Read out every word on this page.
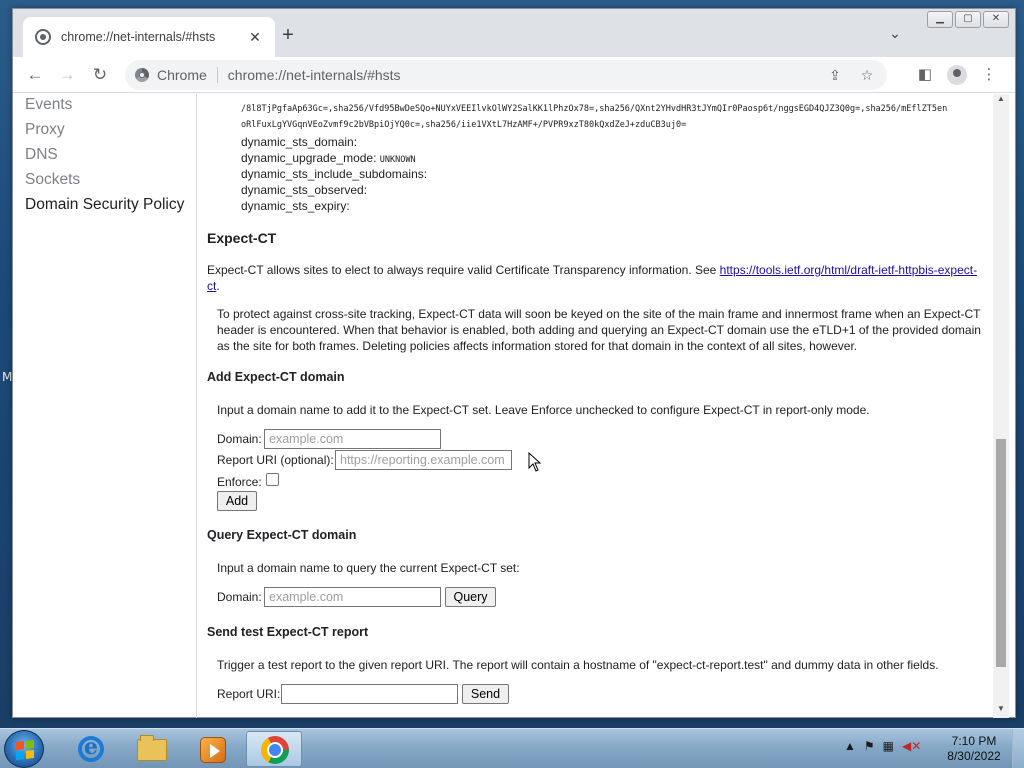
M
chrome://net-internals/#hsts	✕	+	⌄
▁	▢	✕
← → ↻	Chrome	chrome://net-internals/#hsts	⇪	☆	◧	⋮
Events
Proxy
DNS
Sockets
Domain Security Policy
/8l8TjPgfaAp63Gc=,sha256/Vfd95BwDeSQo+NUYxVEEIlvkOlWY2SalKK1lPhzOx78=,sha256/QXnt2YHvdHR3tJYmQIr0Paosp6t/nggsEGD4QJZ3Q0g=,sha256/mEflZT5en
oRlFuxLgYVGqnVEoZvmf9c2bVBpiOjYQ0c=,sha256/iie1VXtL7HzAMF+/PVPR9xzT80kQxdZeJ+zduCB3uj0=
dynamic_sts_domain:
dynamic_upgrade_mode: UNKNOWN
dynamic_sts_include_subdomains:
dynamic_sts_observed:
dynamic_sts_expiry:
Expect-CT
Expect-CT allows sites to elect to always require valid Certificate Transparency information. See https://tools.ietf.org/html/draft-ietf-httpbis-expect-
ct.
To protect against cross-site tracking, Expect-CT data will soon be keyed on the site of the main frame and innermost frame when an Expect-CT
header is encountered. When that behavior is enabled, both adding and querying an Expect-CT domain use the eTLD+1 of the provided domain
as the site for both frames. Deleting policies affects information stored for that domain in the context of all sites, however.
Add Expect-CT domain
Input a domain name to add it to the Expect-CT set. Leave Enforce unchecked to configure Expect-CT in report-only mode.
Domain: example.com
Report URI (optional): https://reporting.example.com
Enforce:
Add
Query Expect-CT domain
Input a domain name to query the current Expect-CT set:
Domain: example.com	Query
Send test Expect-CT report
Trigger a test report to the given report URI. The report will contain a hostname of "expect-ct-report.test" and dummy data in other fields.
Report URI:	Send
▲
▼
e
▲ ⚑ ▦ ◀✕	7:10 PM
8/30/2022
